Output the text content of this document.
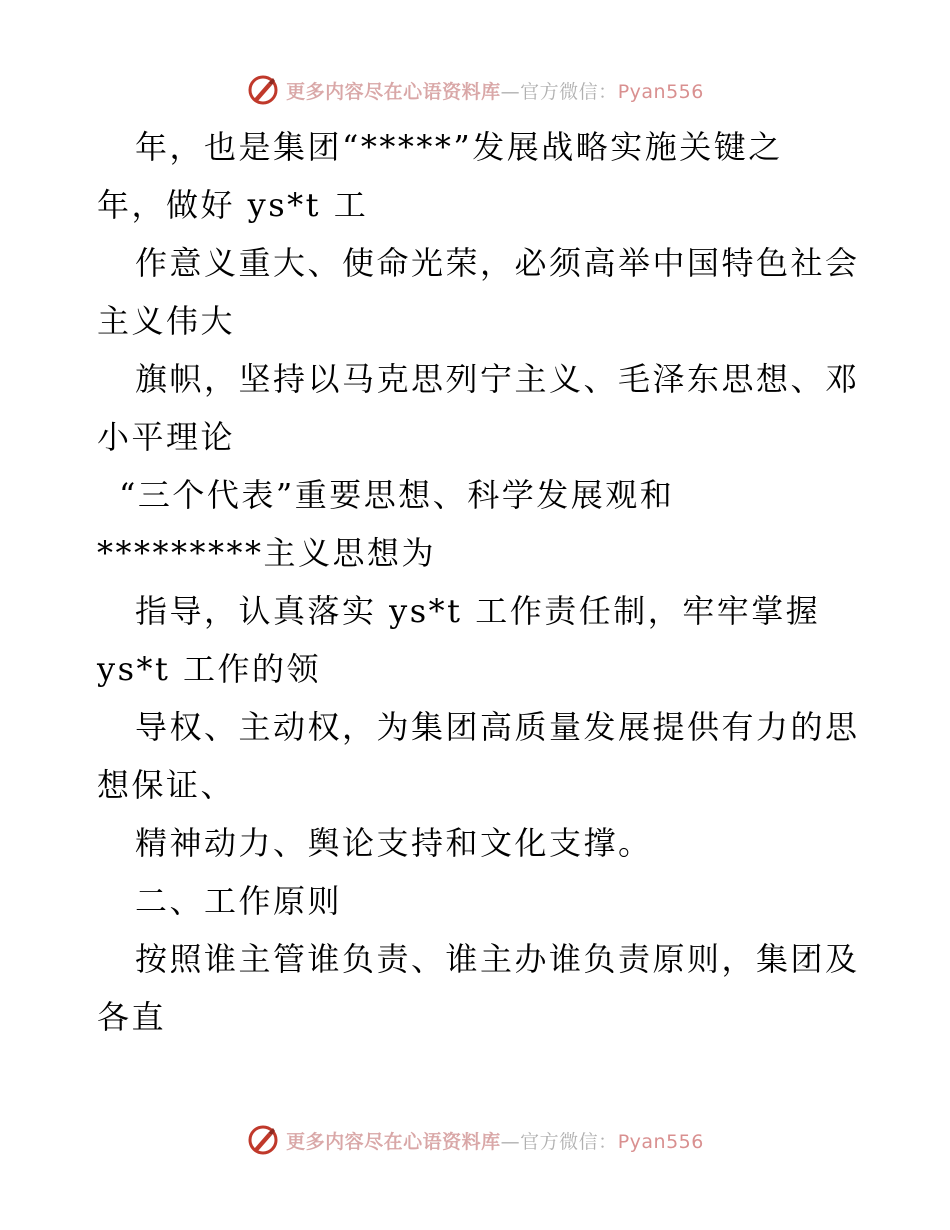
更多内容尽在心语资料库—官方微信：Pyan556
年，也是集团“*****”发展战略实施关键之
年，做好 ys*t 工
作意义重大、使命光荣，必须高举中国特色社会
主义伟大
旗帜，坚持以马克思列宁主义、毛泽东思想、邓
小平理论
“三个代表”重要思想、科学发展观和
*********主义思想为
指导，认真落实 ys*t 工作责任制，牢牢掌握
ys*t 工作的领
导权、主动权，为集团高质量发展提供有力的思
想保证、
精神动力、舆论支持和文化支撑。
二、工作原则
按照谁主管谁负责、谁主办谁负责原则，集团及
各直
更多内容尽在心语资料库—官方微信：Pyan556
